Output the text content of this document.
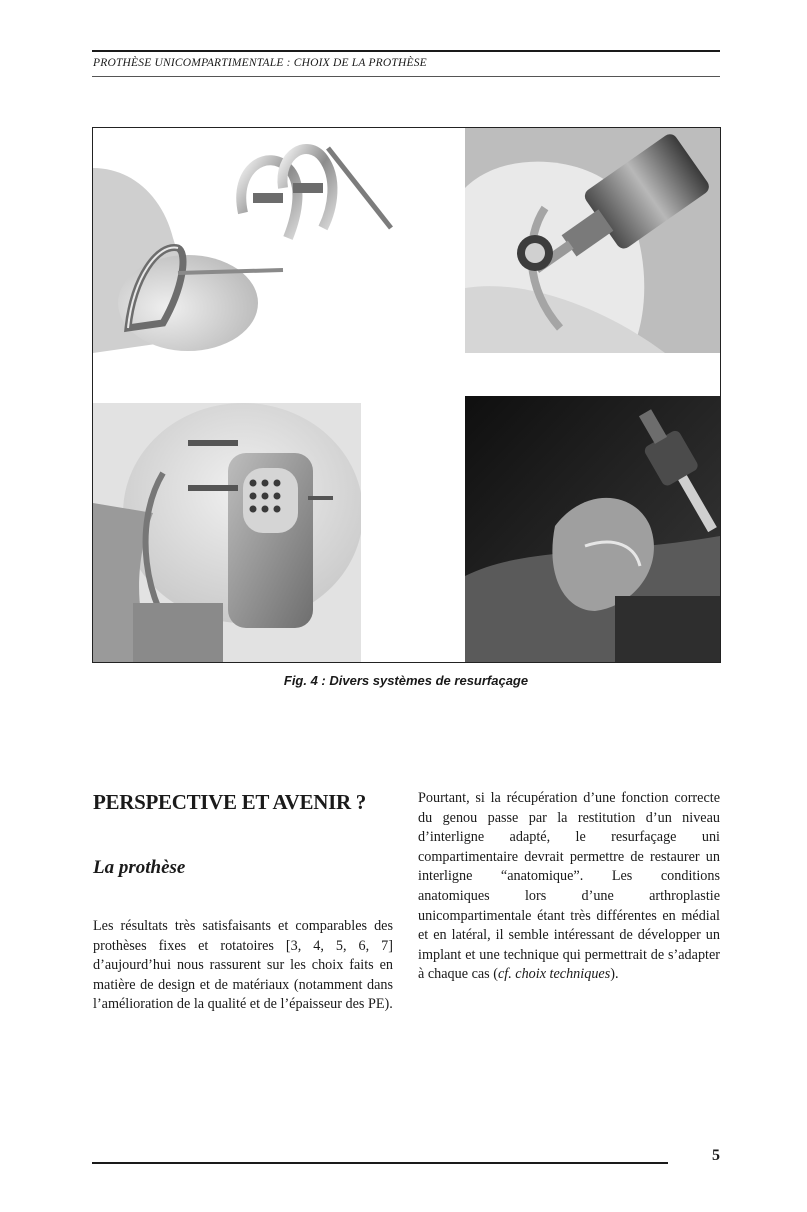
PROTHÈSE UNICOMPARTIMENTALE : CHOIX DE LA PROTHÈSE
Fig. 4 : Divers systèmes de resurfaçage
PERSPECTIVE ET AVENIR ?
La prothèse

Les résultats très satisfaisants et comparables des prothèses fixes et rotatoires [3, 4, 5, 6, 7] d’aujourd’hui nous rassurent sur les choix faits en matière de design et de matériaux (notamment dans l’amélioration de la qualité et de l’épaisseur des PE).

Pourtant, si la récupération d’une fonction correcte du genou passe par la restitution d’un niveau d’interligne adapté, le resurfaçage uni compartimentaire devrait permettre de restaurer un interligne “anatomique”. Les conditions anatomiques lors d’une arthroplastie unicompartimentale étant très différentes en médial et en latéral, il semble intéressant de développer un implant et une technique qui permettrait de s’adapter à chaque cas (cf. choix techniques).

5
